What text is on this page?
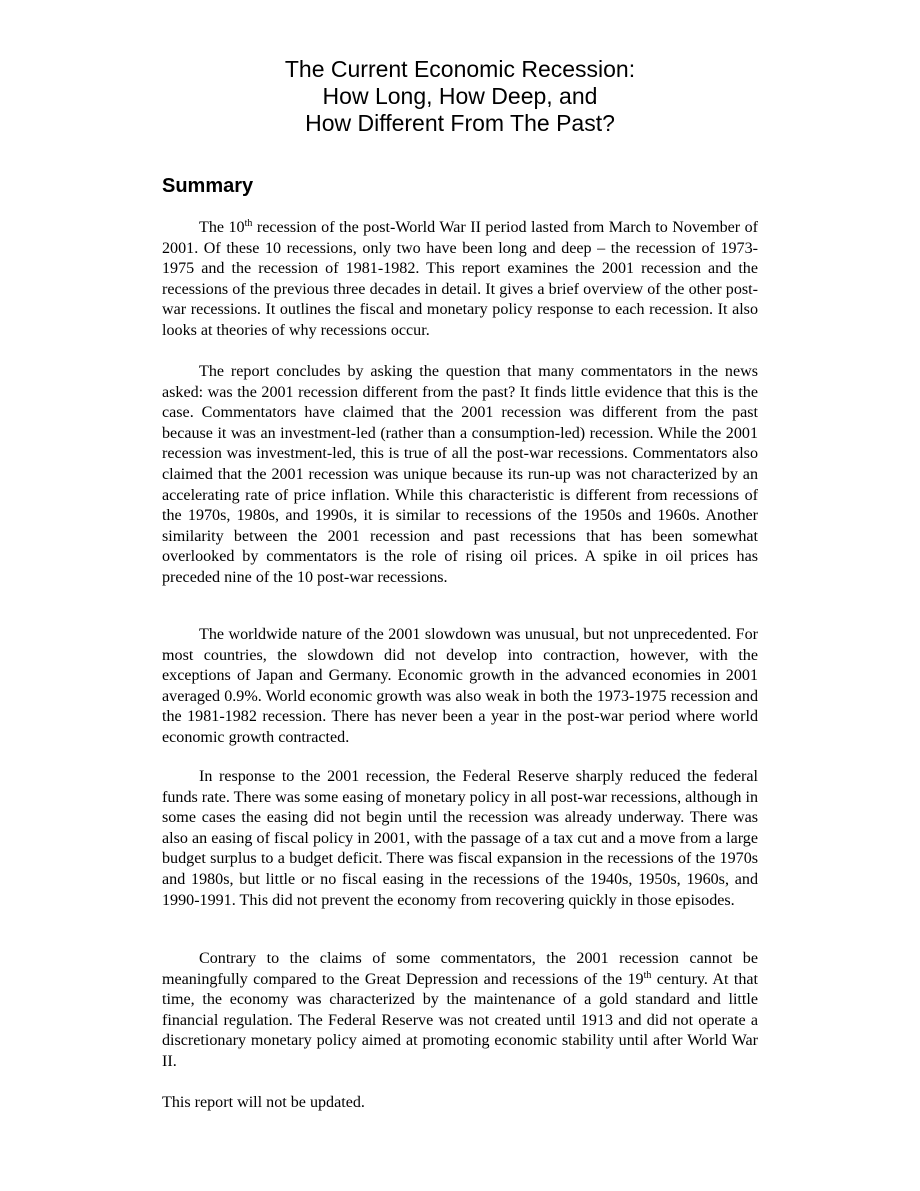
The Current Economic Recession:
How Long, How Deep, and
How Different From The Past?
Summary

The 10th recession of the post-World War II period lasted from March to November of 2001. Of these 10 recessions, only two have been long and deep – the recession of 1973-1975 and the recession of 1981-1982. This report examines the 2001 recession and the recessions of the previous three decades in detail. It gives a brief overview of the other post-war recessions. It outlines the fiscal and monetary policy response to each recession. It also looks at theories of why recessions occur.

The report concludes by asking the question that many commentators in the news asked: was the 2001 recession different from the past? It finds little evidence that this is the case. Commentators have claimed that the 2001 recession was different from the past because it was an investment-led (rather than a consumption-led) recession. While the 2001 recession was investment-led, this is true of all the post-war recessions. Commentators also claimed that the 2001 recession was unique because its run-up was not characterized by an accelerating rate of price inflation. While this characteristic is different from recessions of the 1970s, 1980s, and 1990s, it is similar to recessions of the 1950s and 1960s. Another similarity between the 2001 recession and past recessions that has been somewhat overlooked by commentators is the role of rising oil prices. A spike in oil prices has preceded nine of the 10 post-war recessions.

The worldwide nature of the 2001 slowdown was unusual, but not unprecedented. For most countries, the slowdown did not develop into contraction, however, with the exceptions of Japan and Germany. Economic growth in the advanced economies in 2001 averaged 0.9%. World economic growth was also weak in both the 1973-1975 recession and the 1981-1982 recession. There has never been a year in the post-war period where world economic growth contracted.

In response to the 2001 recession, the Federal Reserve sharply reduced the federal funds rate. There was some easing of monetary policy in all post-war recessions, although in some cases the easing did not begin until the recession was already underway. There was also an easing of fiscal policy in 2001, with the passage of a tax cut and a move from a large budget surplus to a budget deficit. There was fiscal expansion in the recessions of the 1970s and 1980s, but little or no fiscal easing in the recessions of the 1940s, 1950s, 1960s, and 1990-1991. This did not prevent the economy from recovering quickly in those episodes.

Contrary to the claims of some commentators, the 2001 recession cannot be meaningfully compared to the Great Depression and recessions of the 19th century. At that time, the economy was characterized by the maintenance of a gold standard and little financial regulation. The Federal Reserve was not created until 1913 and did not operate a discretionary monetary policy aimed at promoting economic stability until after World War II.

This report will not be updated.
